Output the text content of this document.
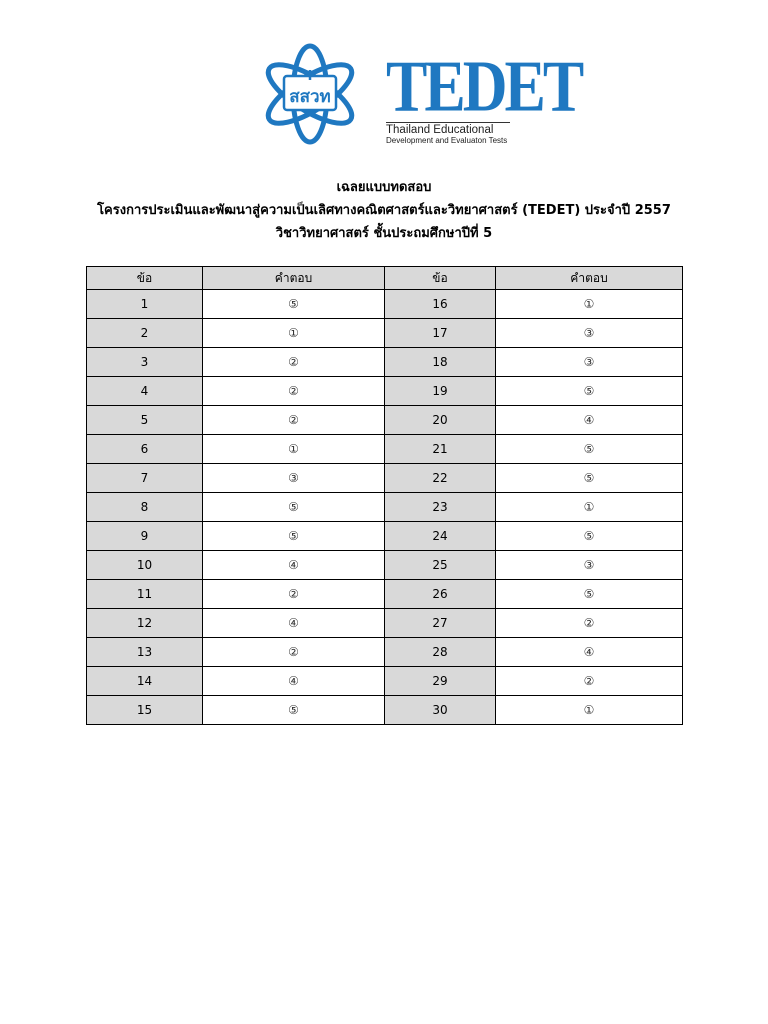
สสวท TEDET
Thailand Educational
Development and Evaluaton Tests
เฉลยแบบทดสอบ
โครงการประเมินและพัฒนาสู่ความเป็นเลิศทางคณิตศาสตร์และวิทยาศาสตร์ (TEDET) ประจำปี 2557
วิชาวิทยาศาสตร์ ชั้นประถมศึกษาปีที่ 5
ข้อ	คำตอบ	ข้อ	คำตอบ
1	⑤	16	①
2	①	17	③
3	②	18	③
4	②	19	⑤
5	②	20	④
6	①	21	⑤
7	③	22	⑤
8	⑤	23	①
9	⑤	24	⑤
10	④	25	③
11	②	26	⑤
12	④	27	②
13	②	28	④
14	④	29	②
15	⑤	30	①
